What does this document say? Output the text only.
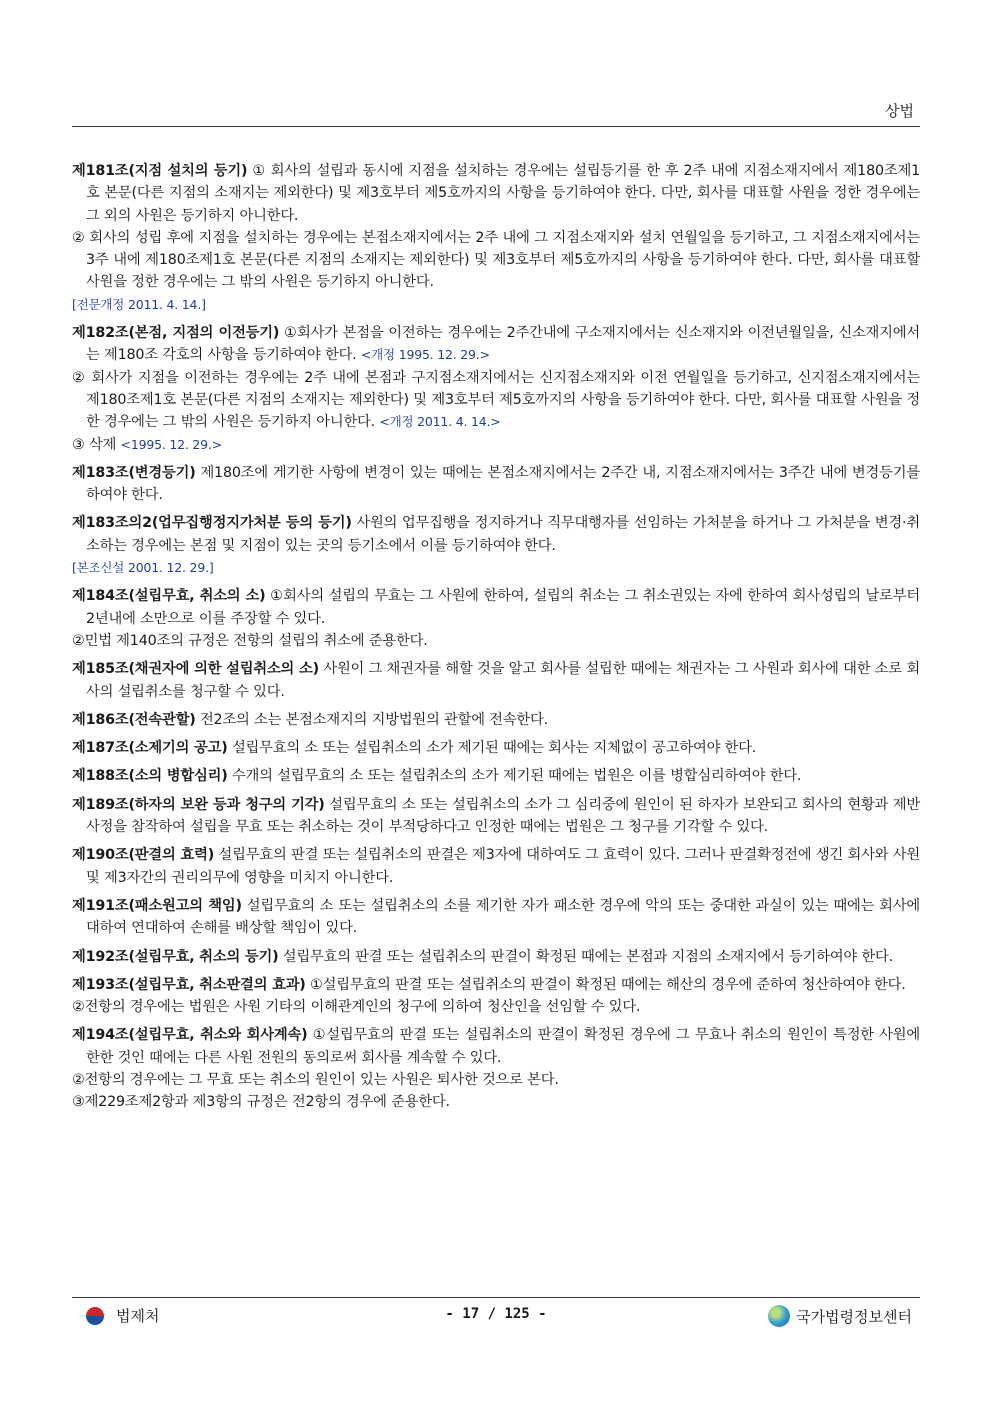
상법
제181조(지점 설치의 등기) ① 회사의 설립과 동시에 지점을 설치하는 경우에는 설립등기를 한 후 2주 내에 지점소재지에서 제180조제1호 본문(다른 지점의 소재지는 제외한다) 및 제3호부터 제5호까지의 사항을 등기하여야 한다. 다만, 회사를 대표할 사원을 정한 경우에는 그 외의 사원은 등기하지 아니한다.
② 회사의 성립 후에 지점을 설치하는 경우에는 본점소재지에서는 2주 내에 그 지점소재지와 설치 연월일을 등기하고, 그 지점소재지에서는 3주 내에 제180조제1호 본문(다른 지점의 소재지는 제외한다) 및 제3호부터 제5호까지의 사항을 등기하여야 한다. 다만, 회사를 대표할 사원을 정한 경우에는 그 밖의 사원은 등기하지 아니한다.
[전문개정 2011. 4. 14.]
제182조(본점, 지점의 이전등기) ①회사가 본점을 이전하는 경우에는 2주간내에 구소재지에서는 신소재지와 이전년월일을, 신소재지에서는 제180조 각호의 사항을 등기하여야 한다. <개정 1995. 12. 29.>
② 회사가 지점을 이전하는 경우에는 2주 내에 본점과 구지점소재지에서는 신지점소재지와 이전 연월일을 등기하고, 신지점소재지에서는 제180조제1호 본문(다른 지점의 소재지는 제외한다) 및 제3호부터 제5호까지의 사항을 등기하여야 한다. 다만, 회사를 대표할 사원을 정한 경우에는 그 밖의 사원은 등기하지 아니한다. <개정 2011. 4. 14.>
③ 삭제 <1995. 12. 29.>
제183조(변경등기) 제180조에 게기한 사항에 변경이 있는 때에는 본점소재지에서는 2주간 내, 지점소재지에서는 3주간 내에 변경등기를 하여야 한다.
제183조의2(업무집행정지가처분 등의 등기) 사원의 업무집행을 정지하거나 직무대행자를 선임하는 가처분을 하거나 그 가처분을 변경·취소하는 경우에는 본점 및 지점이 있는 곳의 등기소에서 이를 등기하여야 한다.
[본조신설 2001. 12. 29.]
제184조(설립무효, 취소의 소) ①회사의 설립의 무효는 그 사원에 한하여, 설립의 취소는 그 취소권있는 자에 한하여 회사성립의 날로부터 2년내에 소만으로 이를 주장할 수 있다.
②민법 제140조의 규정은 전항의 설립의 취소에 준용한다.
제185조(채권자에 의한 설립취소의 소) 사원이 그 채권자를 해할 것을 알고 회사를 설립한 때에는 채권자는 그 사원과 회사에 대한 소로 회사의 설립취소를 청구할 수 있다.
제186조(전속관할) 전2조의 소는 본점소재지의 지방법원의 관할에 전속한다.
제187조(소제기의 공고) 설립무효의 소 또는 설립취소의 소가 제기된 때에는 회사는 지체없이 공고하여야 한다.
제188조(소의 병합심리) 수개의 설립무효의 소 또는 설립취소의 소가 제기된 때에는 법원은 이를 병합심리하여야 한다.
제189조(하자의 보완 등과 청구의 기각) 설립무효의 소 또는 설립취소의 소가 그 심리중에 원인이 된 하자가 보완되고 회사의 현황과 제반사정을 참작하여 설립을 무효 또는 취소하는 것이 부적당하다고 인정한 때에는 법원은 그 청구를 기각할 수 있다.
제190조(판결의 효력) 설립무효의 판결 또는 설립취소의 판결은 제3자에 대하여도 그 효력이 있다. 그러나 판결확정전에 생긴 회사와 사원 및 제3자간의 권리의무에 영향을 미치지 아니한다.
제191조(패소원고의 책임) 설립무효의 소 또는 설립취소의 소를 제기한 자가 패소한 경우에 악의 또는 중대한 과실이 있는 때에는 회사에 대하여 연대하여 손해를 배상할 책임이 있다.
제192조(설립무효, 취소의 등기) 설립무효의 판결 또는 설립취소의 판결이 확정된 때에는 본점과 지점의 소재지에서 등기하여야 한다.
제193조(설립무효, 취소판결의 효과) ①설립무효의 판결 또는 설립취소의 판결이 확정된 때에는 해산의 경우에 준하여 청산하여야 한다.
②전항의 경우에는 법원은 사원 기타의 이해관계인의 청구에 의하여 청산인을 선임할 수 있다.
제194조(설립무효, 취소와 회사계속) ①설립무효의 판결 또는 설립취소의 판결이 확정된 경우에 그 무효나 취소의 원인이 특정한 사원에 한한 것인 때에는 다른 사원 전원의 동의로써 회사를 계속할 수 있다.
②전항의 경우에는 그 무효 또는 취소의 원인이 있는 사원은 퇴사한 것으로 본다.
③제229조제2항과 제3항의 규정은 전2항의 경우에 준용한다.
법제처	- 17 / 125 -	국가법령정보센터
